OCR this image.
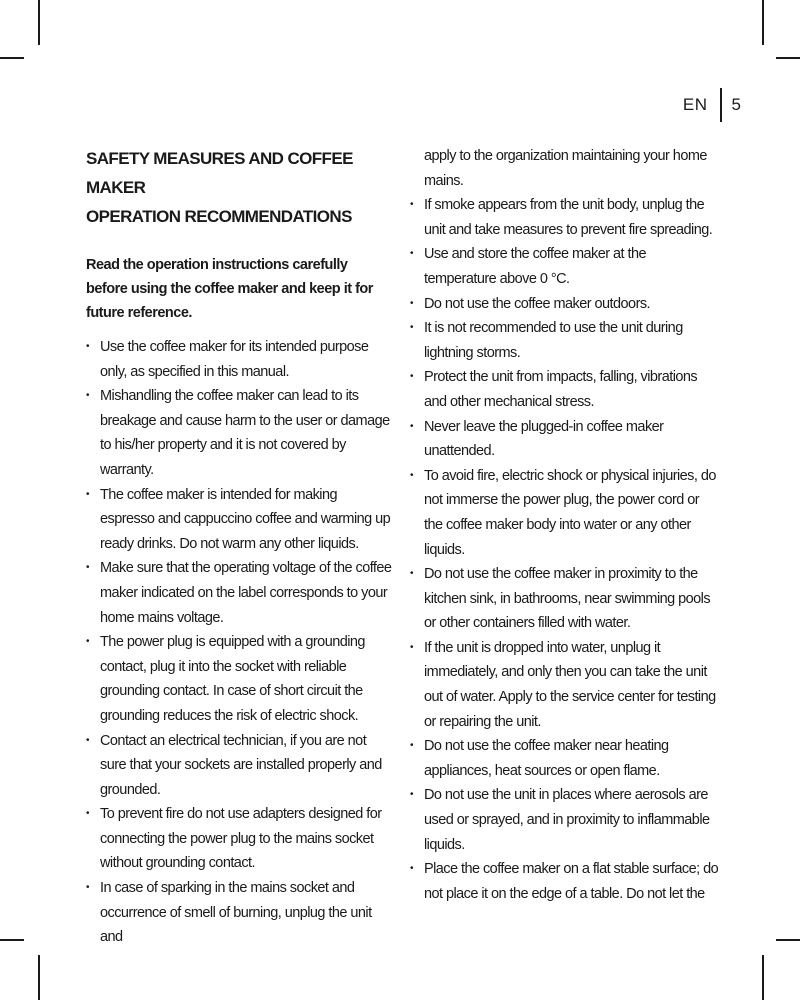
EN 5
SAFETY MEASURES AND COFFEE MAKER
OPERATION RECOMMENDATIONS

Read the operation instructions carefully before using the coffee maker and keep it for future reference.

• Use the coffee maker for its intended purpose only, as specified in this manual.
• Mishandling the coffee maker can lead to its breakage and cause harm to the user or damage to his/her property and it is not covered by warranty.
• The coffee maker is intended for making espresso and cappuccino coffee and warming up ready drinks. Do not warm any other liquids.
• Make sure that the operating voltage of the coffee maker indicated on the label corresponds to your home mains voltage.
• The power plug is equipped with a grounding contact, plug it into the socket with reliable grounding contact. In case of short circuit the grounding reduces the risk of electric shock.
• Contact an electrical technician, if you are not sure that your sockets are installed properly and grounded.
• To prevent fire do not use adapters designed for connecting the power plug to the mains socket without grounding contact.
• In case of sparking in the mains socket and occurrence of smell of burning, unplug the unit and

apply to the organization maintaining your home mains.

• If smoke appears from the unit body, unplug the unit and take measures to prevent fire spreading.
• Use and store the coffee maker at the temperature above 0 °C.
• Do not use the coffee maker outdoors.
• It is not recommended to use the unit during lightning storms.
• Protect the unit from impacts, falling, vibrations and other mechanical stress.
• Never leave the plugged-in coffee maker unattended.
• To avoid fire, electric shock or physical injuries, do not immerse the power plug, the power cord or the coffee maker body into water or any other liquids.
• Do not use the coffee maker in proximity to the kitchen sink, in bathrooms, near swimming pools or other containers filled with water.
• If the unit is dropped into water, unplug it immediately, and only then you can take the unit out of water. Apply to the service center for testing or repairing the unit.
• Do not use the coffee maker near heating appliances, heat sources or open flame.
• Do not use the unit in places where aerosols are used or sprayed, and in proximity to inflammable liquids.
• Place the coffee maker on a flat stable surface; do not place it on the edge of a table. Do not let the
